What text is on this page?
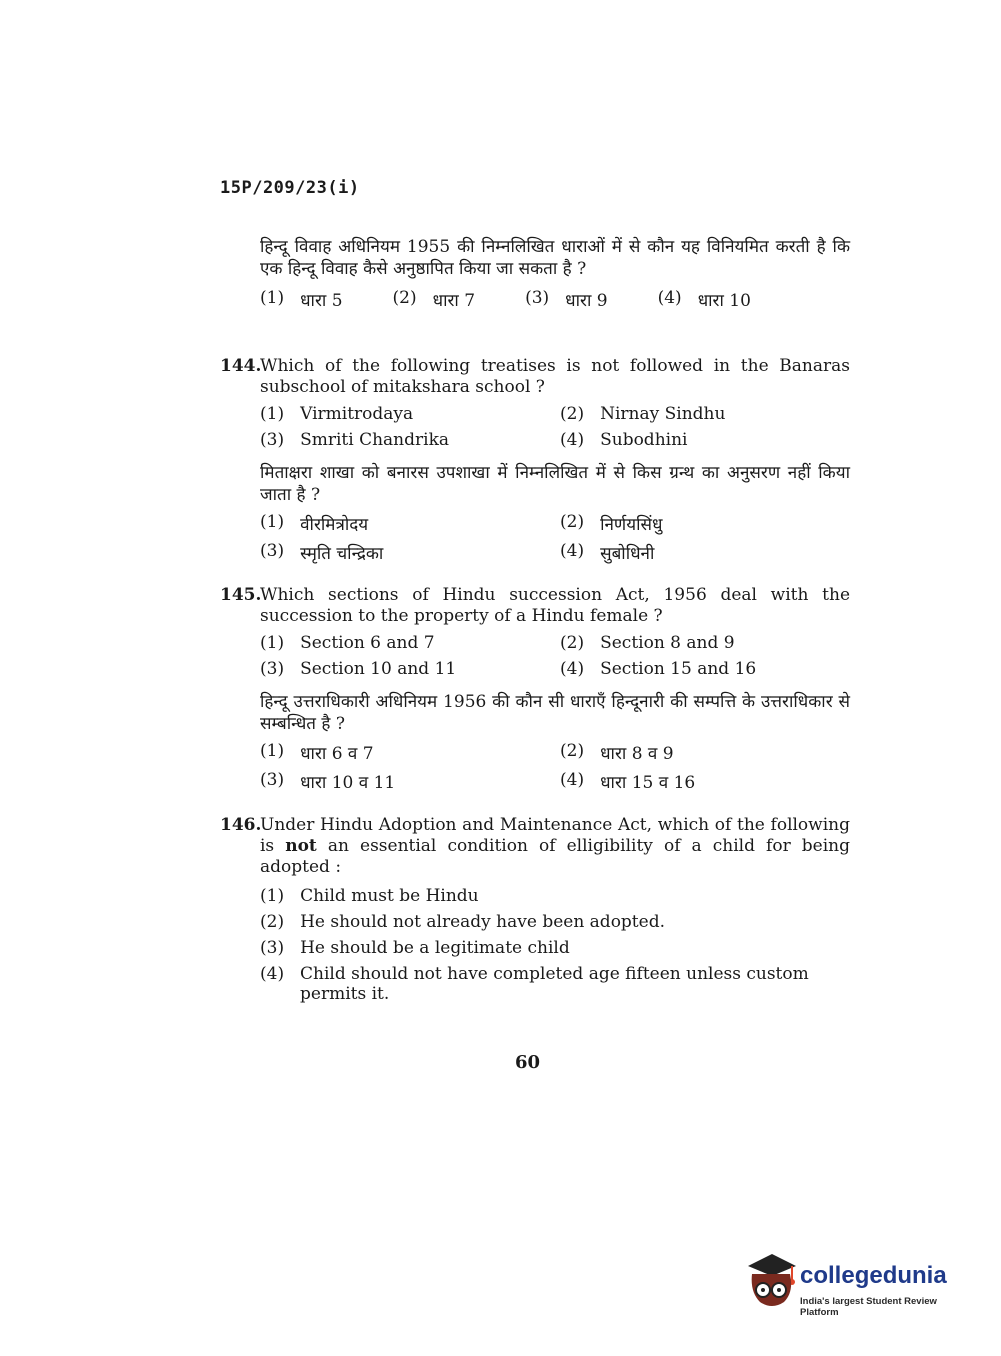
15P/209/23(i)
हिन्दू विवाह अधिनियम 1955 की निम्नलिखित धाराओं में से कौन यह विनियमित करती है कि एक हिन्दू विवाह कैसे अनुष्ठापित किया जा सकता है ?
(1) धारा 5	(2) धारा 7	(3) धारा 9	(4) धारा 10
144.
Which of the following treatises is not followed in the Banaras subschool of mitakshara school ?
(1) Virmitrodaya	(2) Nirnay Sindhu
(3) Smriti Chandrika	(4) Subodhini
मिताक्षरा शाखा को बनारस उपशाखा में निम्नलिखित में से किस ग्रन्थ का अनुसरण नहीं किया जाता है ?
(1) वीरमित्रोदय	(2) निर्णयसिंधु
(3) स्मृति चन्द्रिका	(4) सुबोधिनी
145.
Which sections of Hindu succession Act, 1956 deal with the succession to the property of a Hindu female ?
(1) Section 6 and 7	(2) Section 8 and 9
(3) Section 10 and 11	(4) Section 15 and 16
हिन्दू उत्तराधिकारी अधिनियम 1956 की कौन सी धाराएँ हिन्दूनारी की सम्पत्ति के उत्तराधिकार से सम्बन्धित है ?
(1) धारा 6 व 7	(2) धारा 8 व 9
(3) धारा 10 व 11	(4) धारा 15 व 16
146.
Under Hindu Adoption and Maintenance Act, which of the following is not an essential condition of elligibility of a child for being adopted :
(1) Child must be Hindu
(2) He should not already have been adopted.
(3) He should be a legitimate child
(4) Child should not have completed age fifteen unless custom permits it.
60
collegedunia
India's largest Student Review Platform
